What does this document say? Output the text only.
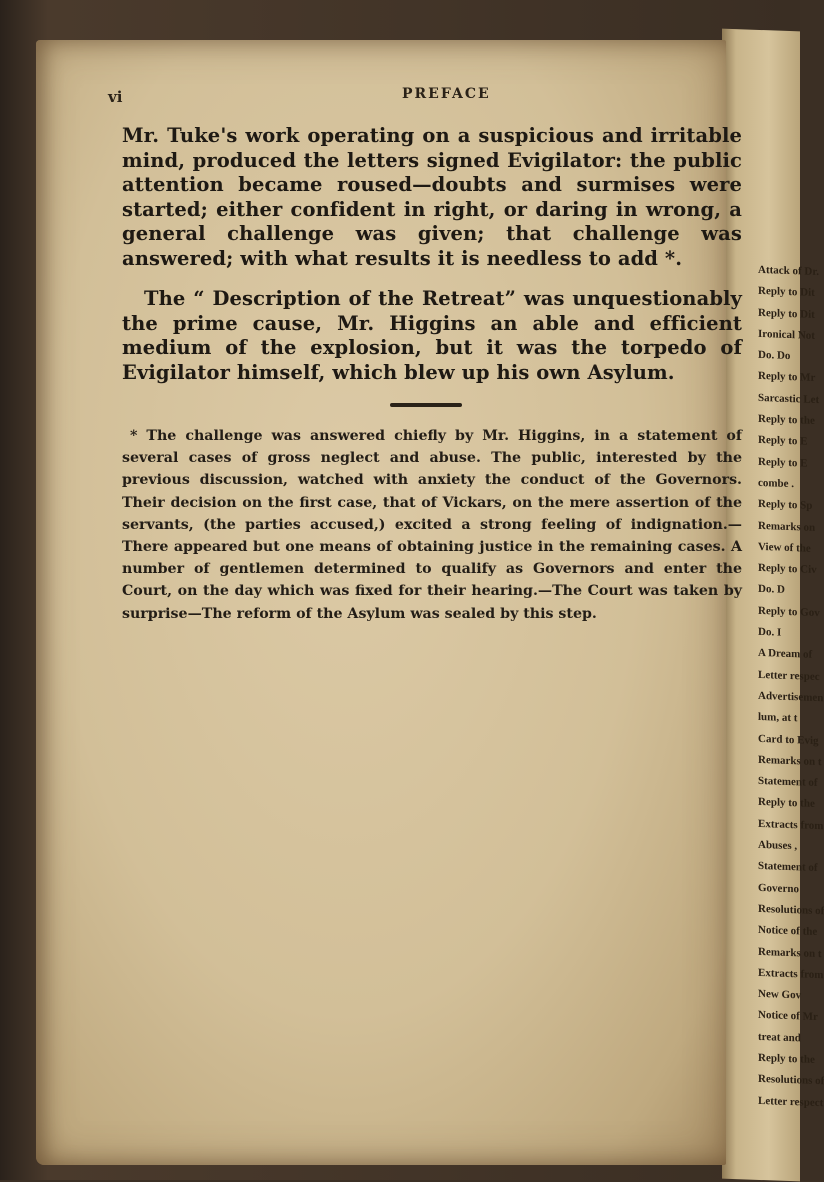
Attack of Dr.
Reply to Dit
Reply to Dit
Ironical Not
Do. Do
Reply to Mr
Sarcastic Let
Reply to the
Reply to E
Reply to E
combe .
Reply to Sp
Remarks on
View of the
Reply to Civ
Do. D
Reply to Gov
Do. I
A Dream of
Letter respec
Advertisemen
lum, at t
Card to Evig
Remarks on t
Statement of
Reply to the
Extracts from
Abuses ,
Statement of
Governo
Resolutions of
Notice of the
Remarks on t
Extracts from
New Gov
Notice of Mr
treat and
Reply to the
Resolutions of
Letter respect
vi	PREFACE

Mr. Tuke's work operating on a suspicious and irritable mind, produced the letters signed Evigilator: the public attention became roused—doubts and surmises were started; either confident in right, or daring in wrong, a general challenge was given; that challenge was answered; with what results it is needless to add *.

The “ Description of the Retreat” was unquestionably the prime cause, Mr. Higgins an able and efficient medium of the explosion, but it was the torpedo of Evigilator himself, which blew up his own Asylum.

* The challenge was answered chiefly by Mr. Higgins, in a statement of several cases of gross neglect and abuse. The public, interested by the previous discussion, watched with anxiety the conduct of the Governors. Their decision on the first case, that of Vickars, on the mere assertion of the servants, (the parties accused,) excited a strong feeling of indignation.—There appeared but one means of obtaining justice in the remaining cases. A number of gentlemen determined to qualify as Governors and enter the Court, on the day which was fixed for their hearing.—The Court was taken by surprise—The reform of the Asylum was sealed by this step.
